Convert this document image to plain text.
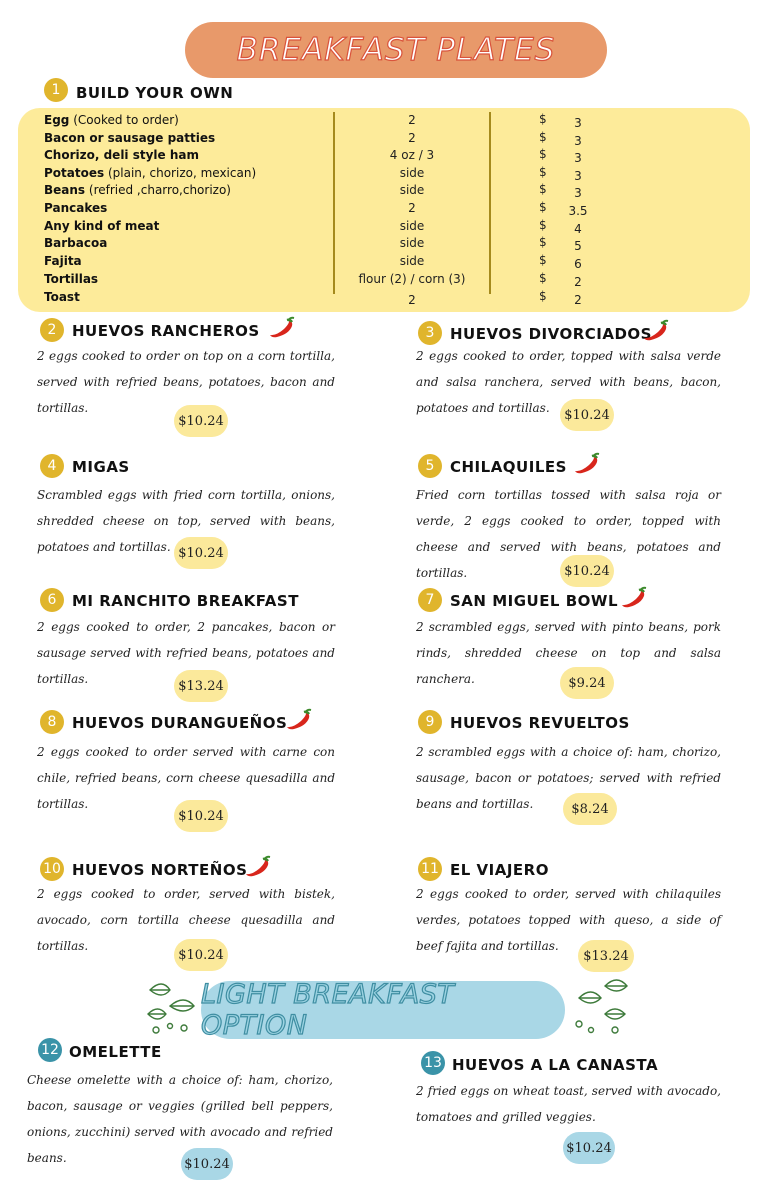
BREAKFAST PLATES
1	BUILD YOUR OWN
Egg (Cooked to order)	2	$	3
Bacon or sausage patties	2	$	3
Chorizo, deli style ham	4 oz / 3	$	3
Potatoes (plain, chorizo, mexican)	side	$	3
Beans (refried ,charro,chorizo)	side	$	3
Pancakes	2	$	3.5
Any kind of meat	side	$	4
Barbacoa	side	$	5
Fajita	side	$	6
Tortillas	flour (2) / corn (3)	$	2
Toast	2	$	2
2	HUEVOS RANCHEROS
2 eggs cooked to order on top on a corn tortilla, served with refried beans, potatoes, bacon and tortillas.
$10.24
3	HUEVOS DIVORCIADOS
2 eggs cooked to order, topped with salsa verde and salsa ranchera, served with beans, bacon, potatoes and tortillas.	$10.24
4	MIGAS
Scrambled eggs with fried corn tortilla, onions, shredded cheese on top, served with beans, potatoes and tortillas. $10.24
5	CHILAQUILES
Fried corn tortillas tossed with salsa roja or verde, 2 eggs cooked to order, topped with cheese and served with beans, potatoes and tortillas.	$10.24
6	MI RANCHITO BREAKFAST
2 eggs cooked to order, 2 pancakes, bacon or sausage served with refried beans, potatoes and tortillas.	$13.24
7	SAN MIGUEL BOWL
2 scrambled eggs, served with pinto beans, pork rinds, shredded cheese on top and salsa ranchera.	$9.24
8	HUEVOS DURANGUEÑOS
2 eggs cooked to order served with carne con chile, refried beans, corn cheese quesadilla and tortillas.
$10.24
9	HUEVOS REVUELTOS
2 scrambled eggs with a choice of: ham, chorizo, sausage, bacon or potatoes; served with refried beans and tortillas.	$8.24
10 HUEVOS NORTEÑOS
2 eggs cooked to order, served with bistek, avocado, corn tortilla cheese quesadilla and tortillas.
$10.24
11 EL VIAJERO
2 eggs cooked to order, served with chilaquiles verdes, potatoes topped with queso, a side of beef fajita and tortillas.
$13.24
LIGHT BREAKFAST OPTION
12 OMELETTE
Cheese omelette with a choice of: ham, chorizo, bacon, sausage or veggies (grilled bell peppers, onions, zucchini) served with avocado and refried beans.	$10.24
13 HUEVOS A LA CANASTA
2 fried eggs on wheat toast, served with avocado, tomatoes and grilled veggies.
$10.24
